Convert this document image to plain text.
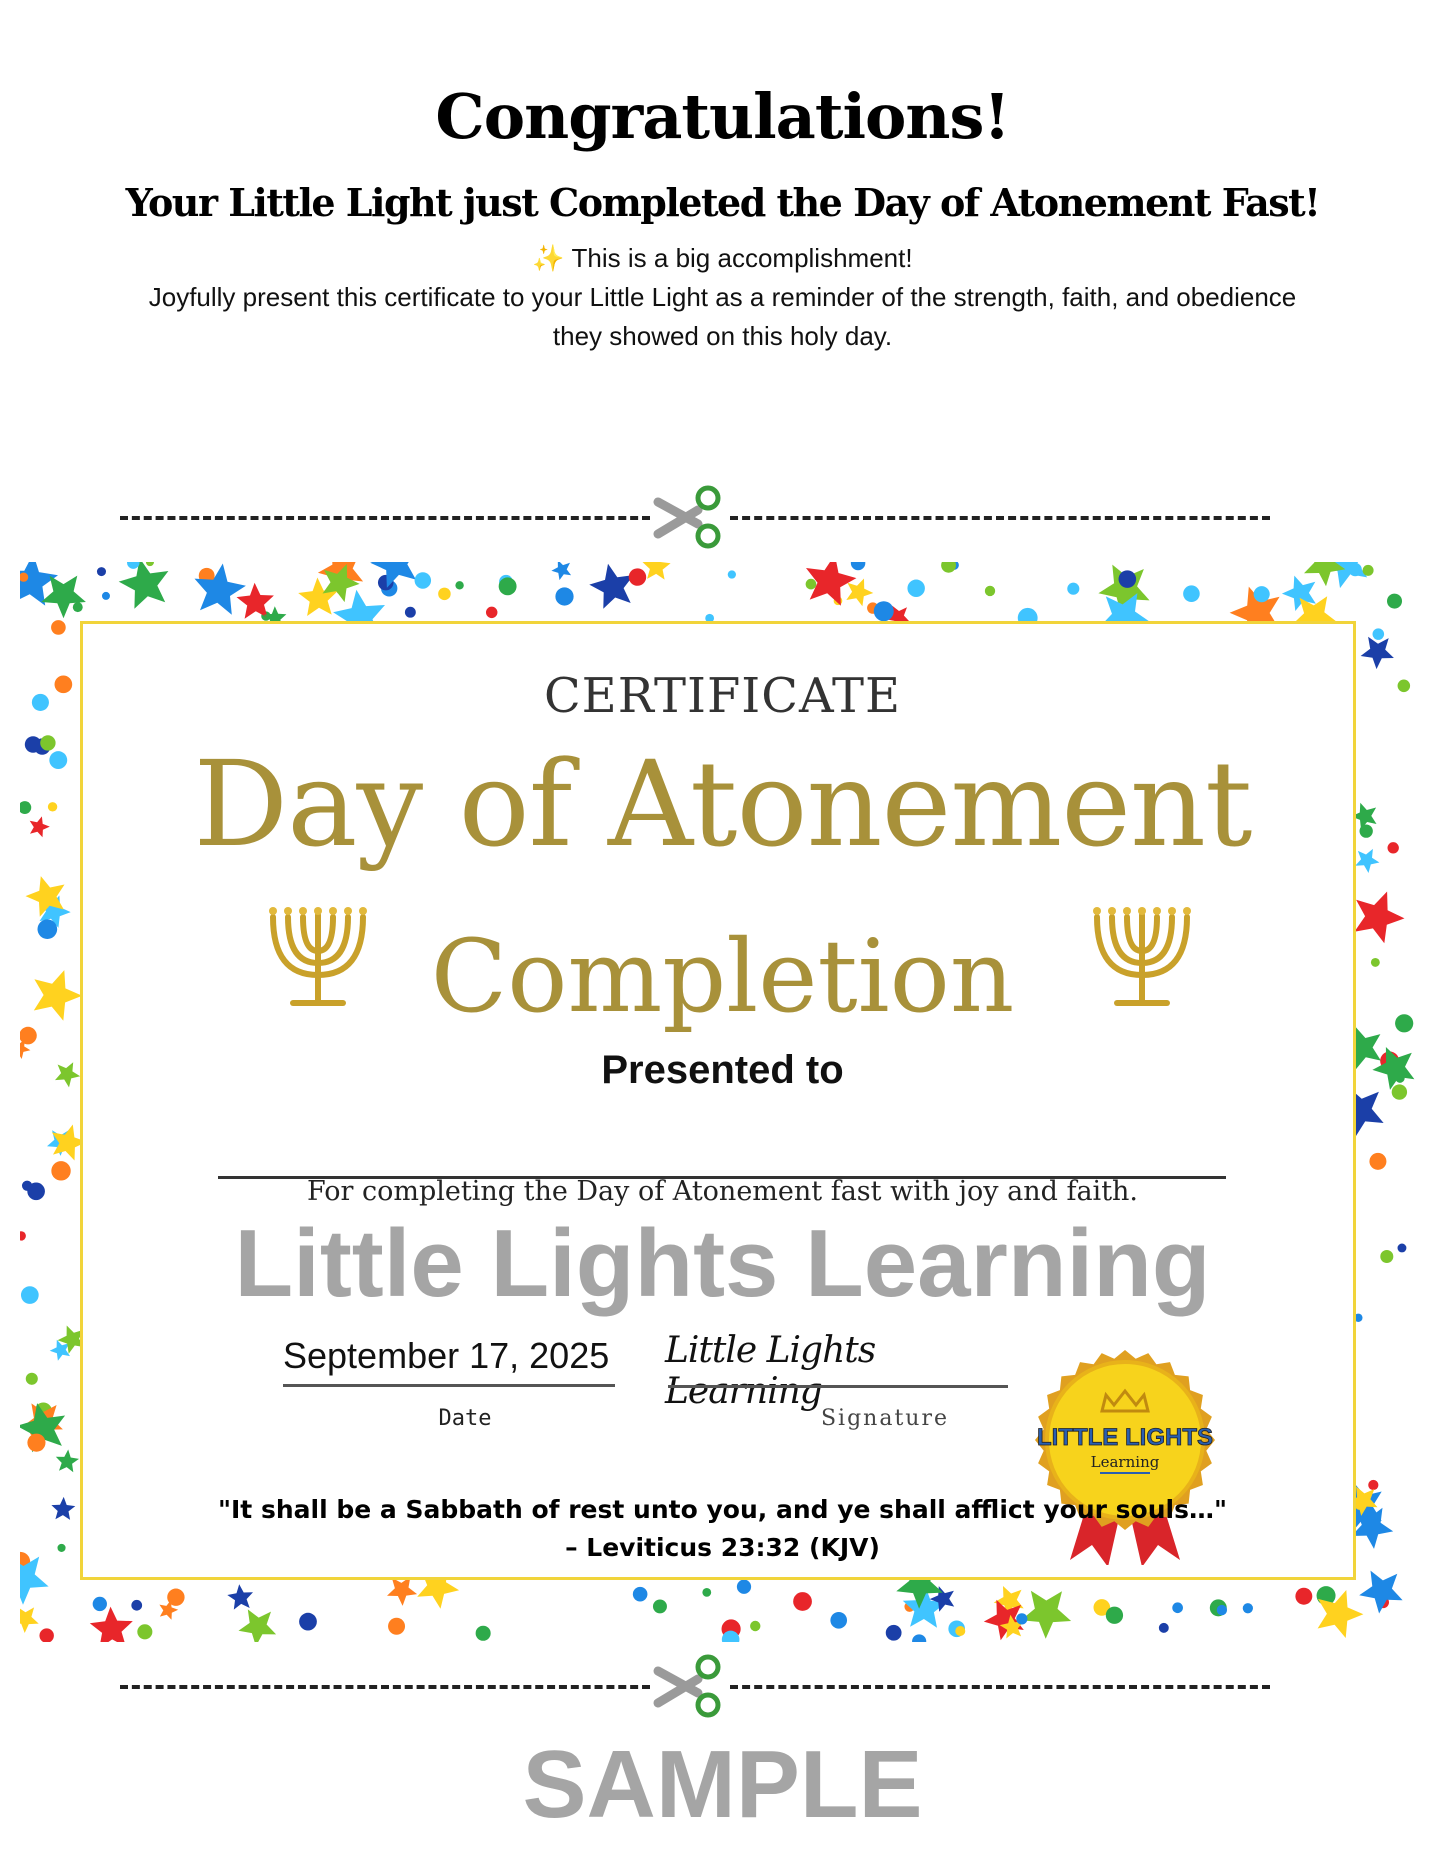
Congratulations!
Your Little Light just Completed the Day of Atonement Fast!
✨ This is a big accomplishment!
Joyfully present this certificate to your Little Light as a reminder of the strength, faith, and obedience
they showed on this holy day.
CERTIFICATE
Day of Atonement
Completion
Presented to
For completing the Day of Atonement fast with joy and faith.
Little Lights Learning
September 17, 2025
Date
Little Lights Learning
Signature
LITTLE LIGHTS
Learning
"It shall be a Sabbath of rest unto you, and ye shall afflict your souls…"
– Leviticus 23:32 (KJV)
SAMPLE
